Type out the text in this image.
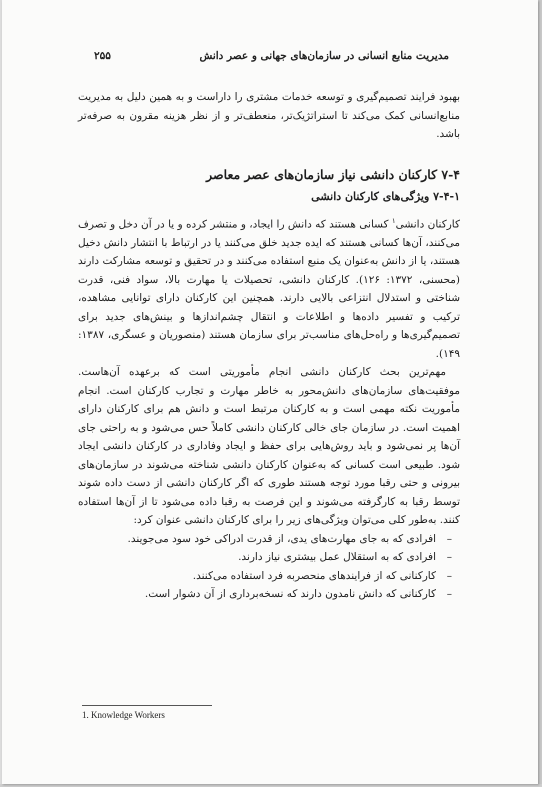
مدیریت منابع انسانی در سازمان‌های جهانی و عصر دانش
۲۵۵

بهبود فرایند تصمیم‌گیری و توسعه خدمات مشتری را داراست و به همین دلیل به مدیریت منابع‌انسانی کمک می‌کند تا استراتژیک‌تر، منعطف‌تر و از نظر هزینه مقرون به صرفه‌تر باشد.

۷-۴ کارکنان دانشی نیاز سازمان‌های عصر معاصر
۷-۴-۱ ویژگی‌های کارکنان دانشی

کارکنان دانشی$^۱$ کسانی هستند که دانش را ایجاد، و منتشر کرده و یا در آن دخل و تصرف می‌کنند، آن‌ها کسانی هستند که ایده جدید خلق می‌کنند یا در ارتباط با انتشار دانش دخیل هستند، یا از دانش به‌عنوان یک منبع استفاده می‌کنند و در تحقیق و توسعه مشارکت دارند (محسنی، ۱۳۷۲: ۱۲۶). کارکنان دانشی، تحصیلات یا مهارت بالا، سواد فنی، قدرت شناختی و استدلال انتزاعی بالایی دارند. همچنین این کارکنان دارای توانایی مشاهده، ترکیب و تفسیر داده‌ها و اطلاعات و انتقال چشم‌اندازها و بینش‌های جدید برای تصمیم‌گیری‌ها و راه‌حل‌های مناسب‌تر برای سازمان هستند (منصوریان و عسگری، ۱۳۸۷: ۱۴۹).

مهم‌ترین بحث کارکنان دانشی انجام مأموریتی است که برعهده آن‌هاست. موفقیت‌های سازمان‌های دانش‌محور به خاطر مهارت و تجارب کارکنان است. انجام مأموریت نکته مهمی است و به کارکنان مرتبط است و دانش هم برای کارکنان دارای اهمیت است. در سازمان جای خالی کارکنان دانشی کاملاً حس می‌شود و به راحتی جای آن‌ها پر نمی‌شود و باید روش‌هایی برای حفظ و ایجاد وفاداری در کارکنان دانشی ایجاد شود. طبیعی است کسانی که به‌عنوان کارکنان دانشی شناخته می‌شوند در سازمان‌های بیرونی و حتی رقبا مورد توجه هستند طوری که اگر کارکنان دانشی از دست داده شوند توسط رقبا به کارگرفته می‌شوند و این فرصت به رقبا داده می‌شود تا از آن‌ها استفاده کنند. به‌طور کلی می‌توان ویژگی‌های زیر را برای کارکنان دانشی عنوان کرد:

–افرادی که به جای مهارت‌های یدی، از قدرت ادراکی خود سود می‌جویند.
–افرادی که به استقلال عمل بیشتری نیاز دارند.
–کارکنانی که از فرایندهای منحصربه فرد استفاده می‌کنند.
–کارکنانی که دانش نامدون دارند که نسخه‌برداری از آن دشوار است.
1. Knowledge Workers
